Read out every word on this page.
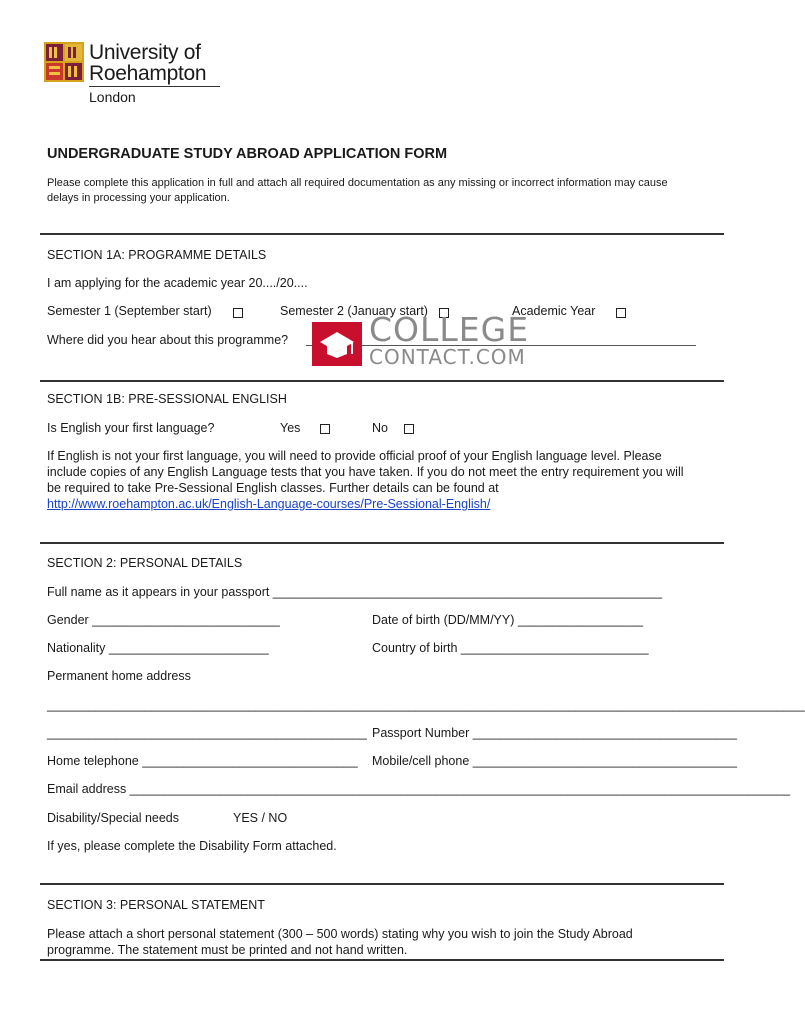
University of
Roehampton
London
UNDERGRADUATE STUDY ABROAD APPLICATION FORM
Please complete this application in full and attach all required documentation as any missing or incorrect information may cause
delays in processing your application.
SECTION 1A: PROGRAMME DETAILS
I am applying for the academic year 20..../20....
Semester 1 (September start)	Semester 2 (January start)	Academic Year
Where did you hear about this programme? COLLEGE
CONTACT.COM
SECTION 1B: PRE-SESSIONAL ENGLISH
Is English your first language?	Yes	No
If English is not your first language, you will need to provide official proof of your English language level. Please
include copies of any English Language tests that you have taken. If you do not meet the entry requirement you will
be required to take Pre-Sessional English classes. Further details can be found at
http://www.roehampton.ac.uk/English-Language-courses/Pre-Sessional-English/
SECTION 2: PERSONAL DETAILS
Full name as it appears in your passport ________________________________________________________
Gender ___________________________	Date of birth (DD/MM/YY) __________________
Nationality _______________________	Country of birth ___________________________
Permanent home address
_____________________________________________________________________________________________________________
______________________________________________ Passport Number ______________________________________
Home telephone _______________________________ Mobile/cell phone ______________________________________
Email address _______________________________________________________________________________________________
Disability/Special needs	YES / NO
If yes, please complete the Disability Form attached.
SECTION 3: PERSONAL STATEMENT
Please attach a short personal statement (300 – 500 words) stating why you wish to join the Study Abroad
programme. The statement must be printed and not hand written.
